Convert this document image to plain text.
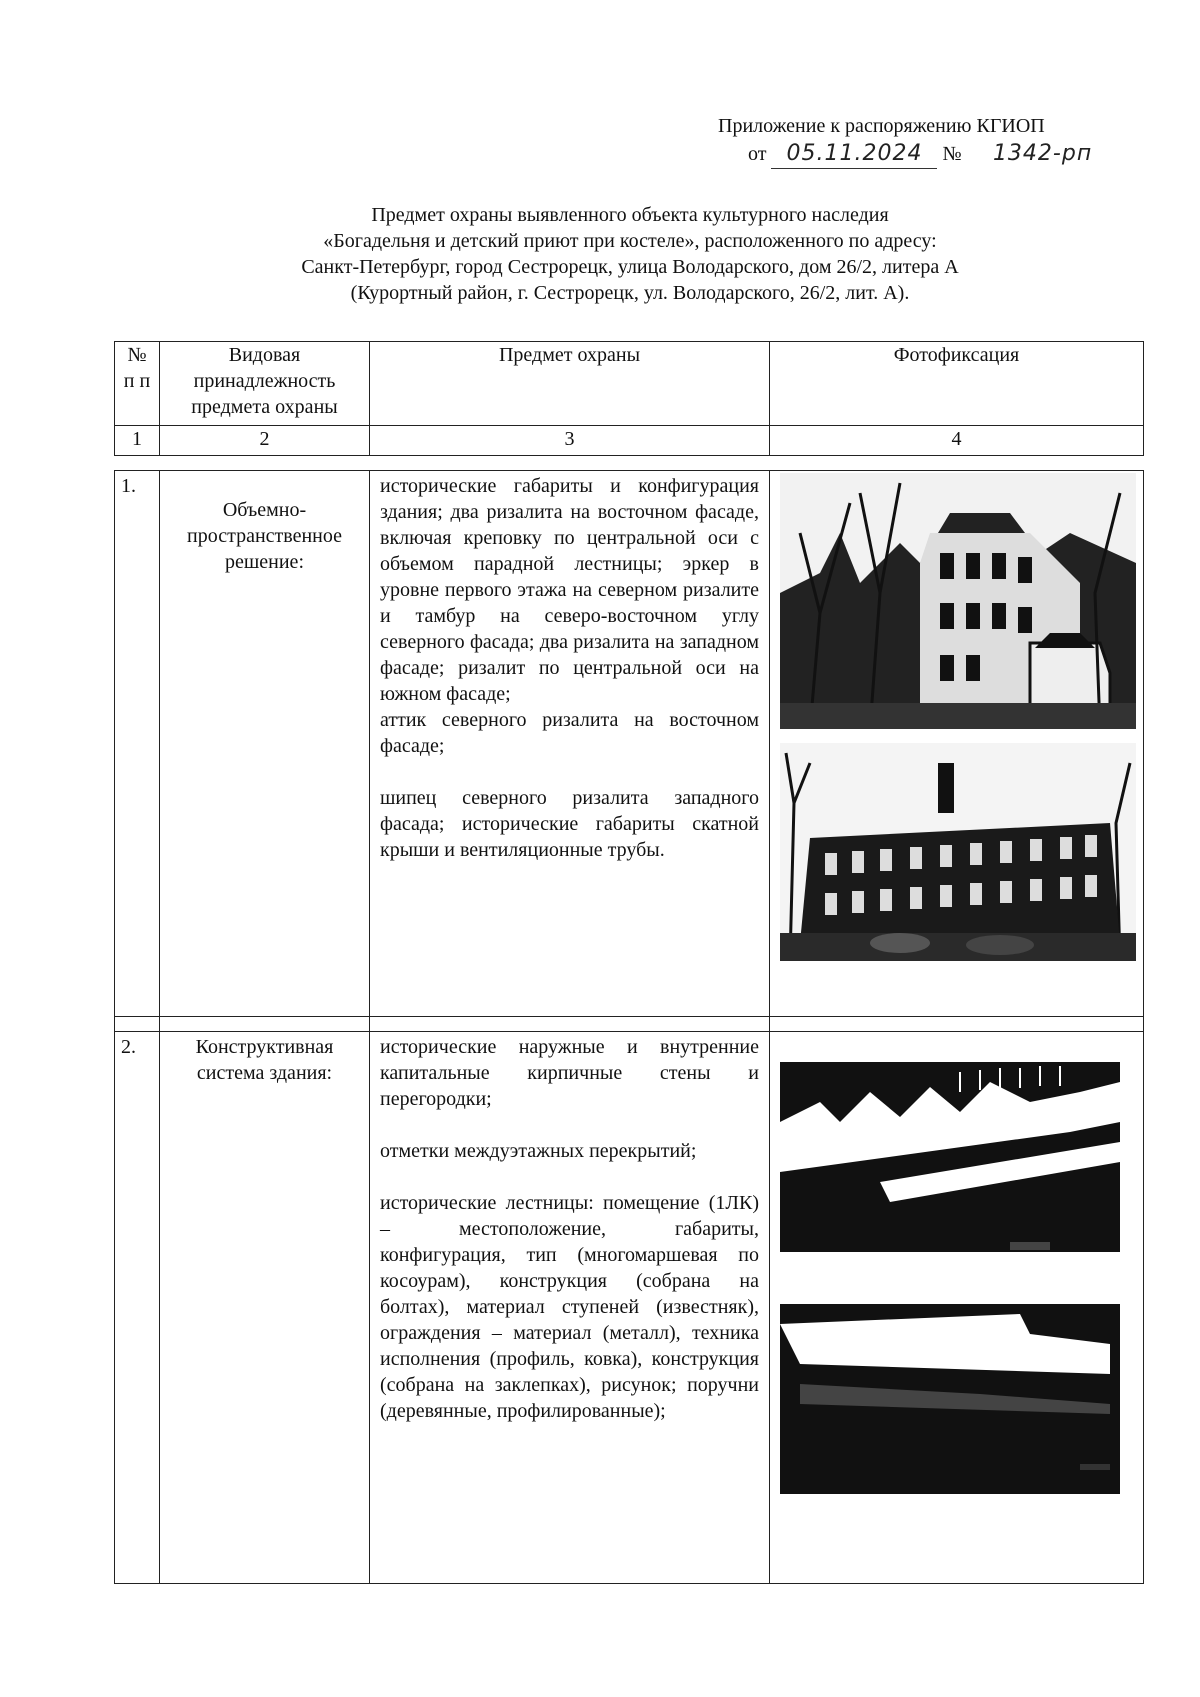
Приложение к распоряжению КГИОП
от 05.11.2024 № 1342-рп
Предмет охраны выявленного объекта культурного наследия
«Богадельня и детский приют при костеле», расположенного по адресу:
Санкт-Петербург, город Сестрорецк, улица Володарского, дом 26/2, литера А
(Курортный район, г. Сестрорецк, ул. Володарского, 26/2, лит. А).
№ п п	Видовая принадлежность предмета охраны	Предмет охраны	Фотофиксация
1	2	3	4

1.	Объемно-пространственное решение:	исторические габариты и конфигурация здания; два ризалита на восточном фасаде, включая креповку по центральной оси с объемом парадной лестницы; эркер в уровне первого этажа на северном ризалите и тамбур на северо-восточном углу северного фасада; два ризалита на западном фасаде; ризалит по центральной оси на южном фасаде;

аттик северного ризалита на восточном фасаде;

шипец северного ризалита западного фасада; исторические габариты скатной крыши и вентиляционные трубы.

2.	Конструктивная система здания:	исторические наружные и внутренние капитальные кирпичные стены и перегородки;

отметки междуэтажных перекрытий;

исторические лестницы: помещение (1ЛК) – местоположение, габариты, конфигурация, тип (многомаршевая по косоурам), конструкция (собрана на болтах), материал ступеней (известняк), ограждения – материал (металл), техника исполнения (профиль, ковка), конструкция (собрана на заклепках), рисунок; поручни (деревянные, профилированные);
